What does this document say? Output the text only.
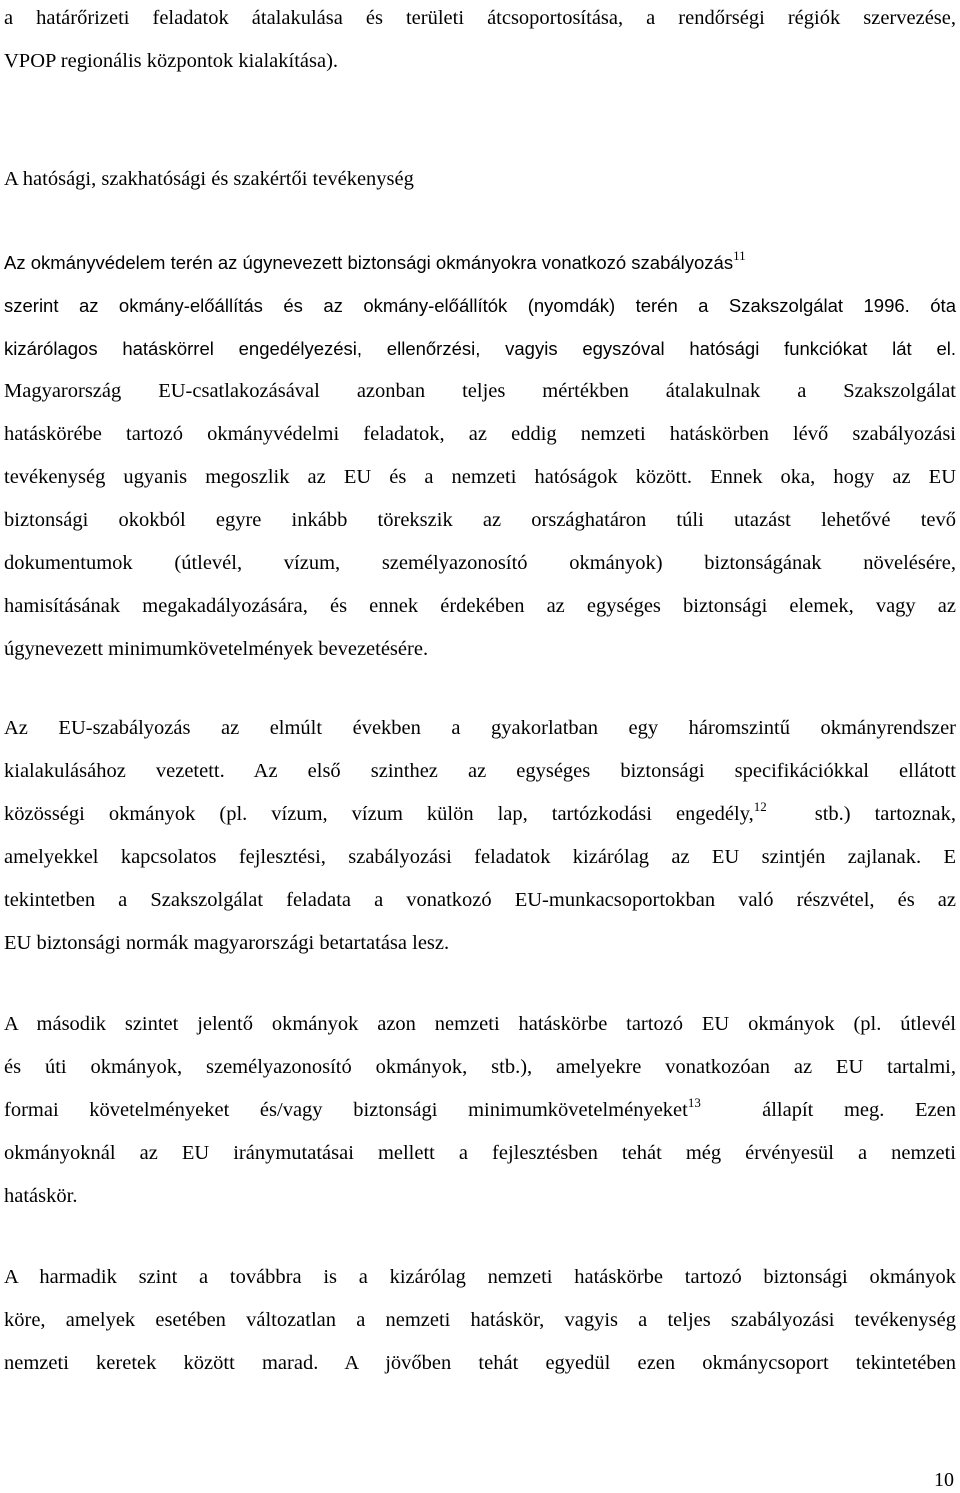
a határőrizeti feladatok átalakulása és területi átcsoportosítása, a rendőrségi régiók szervezése,
VPOP regionális központok kialakítása).
A hatósági, szakhatósági és szakértői tevékenység
Az okmányvédelem terén az úgynevezett biztonsági okmányokra vonatkozó szabályozás$^{11}$
szerint az okmány-előállítás és az okmány-előállítók (nyomdák) terén a Szakszolgálat 1996. óta
kizárólagos hatáskörrel engedélyezési, ellenőrzési, vagyis egyszóval hatósági funkciókat lát el.
Magyarország EU-csatlakozásával azonban teljes mértékben átalakulnak a Szakszolgálat
hatáskörébe tartozó okmányvédelmi feladatok, az eddig nemzeti hatáskörben lévő szabályozási
tevékenység ugyanis megoszlik az EU és a nemzeti hatóságok között. Ennek oka, hogy az EU
biztonsági okokból egyre inkább törekszik az országhatáron túli utazást lehetővé tevő
dokumentumok (útlevél, vízum, személyazonosító okmányok) biztonságának növelésére,
hamisításának megakadályozására, és ennek érdekében az egységes biztonsági elemek, vagy az
úgynevezett minimumkövetelmények bevezetésére.
Az EU-szabályozás az elmúlt években a gyakorlatban egy háromszintű okmányrendszer
kialakulásához vezetett. Az első szinthez az egységes biztonsági specifikációkkal ellátott
közösségi okmányok (pl. vízum, vízum külön lap, tartózkodási engedély,$^{12}$ stb.) tartoznak,
amelyekkel kapcsolatos fejlesztési, szabályozási feladatok kizárólag az EU szintjén zajlanak. E
tekintetben a Szakszolgálat feladata a vonatkozó EU-munkacsoportokban való részvétel, és az
EU biztonsági normák magyarországi betartatása lesz.
A második szintet jelentő okmányok azon nemzeti hatáskörbe tartozó EU okmányok (pl. útlevél
és úti okmányok, személyazonosító okmányok, stb.), amelyekre vonatkozóan az EU tartalmi,
formai követelményeket és/vagy biztonsági minimumkövetelményeket$^{13}$	állapít meg. Ezen
okmányoknál az EU iránymutatásai mellett a fejlesztésben tehát még érvényesül a nemzeti
hatáskör.
A harmadik szint a továbbra is a kizárólag nemzeti hatáskörbe tartozó biztonsági okmányok
köre, amelyek esetében változatlan a nemzeti hatáskör, vagyis a teljes szabályozási tevékenység
nemzeti keretek között marad. A jövőben tehát egyedül ezen okmánycsoport tekintetében
10
